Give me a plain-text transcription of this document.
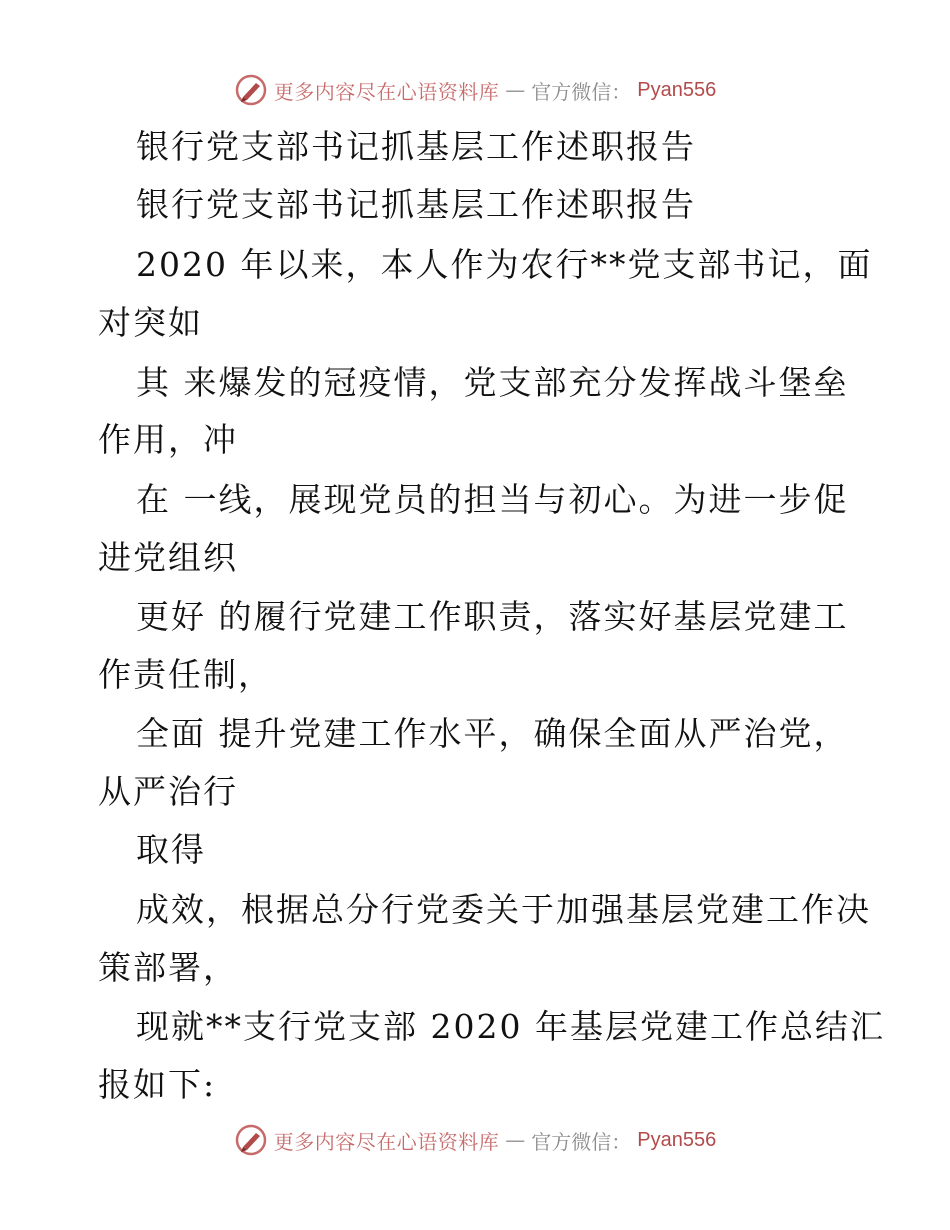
更多内容尽在心语资料库 — 官方微信： Pyan556
银行党支部书记抓基层工作述职报告
银行党支部书记抓基层工作述职报告
2020 年以来，本人作为农行**党支部书记，面
对突如
其 来爆发的冠疫情，党支部充分发挥战斗堡垒
作用，冲
在 一线，展现党员的担当与初心。为进一步促
进党组织
更好 的履行党建工作职责，落实好基层党建工
作责任制，
全面 提升党建工作水平，确保全面从严治党，
从严治行
取得
成效，根据总分行党委关于加强基层党建工作决
策部署，
现就**支行党支部 2020 年基层党建工作总结汇
报如下:
更多内容尽在心语资料库 — 官方微信： Pyan556
